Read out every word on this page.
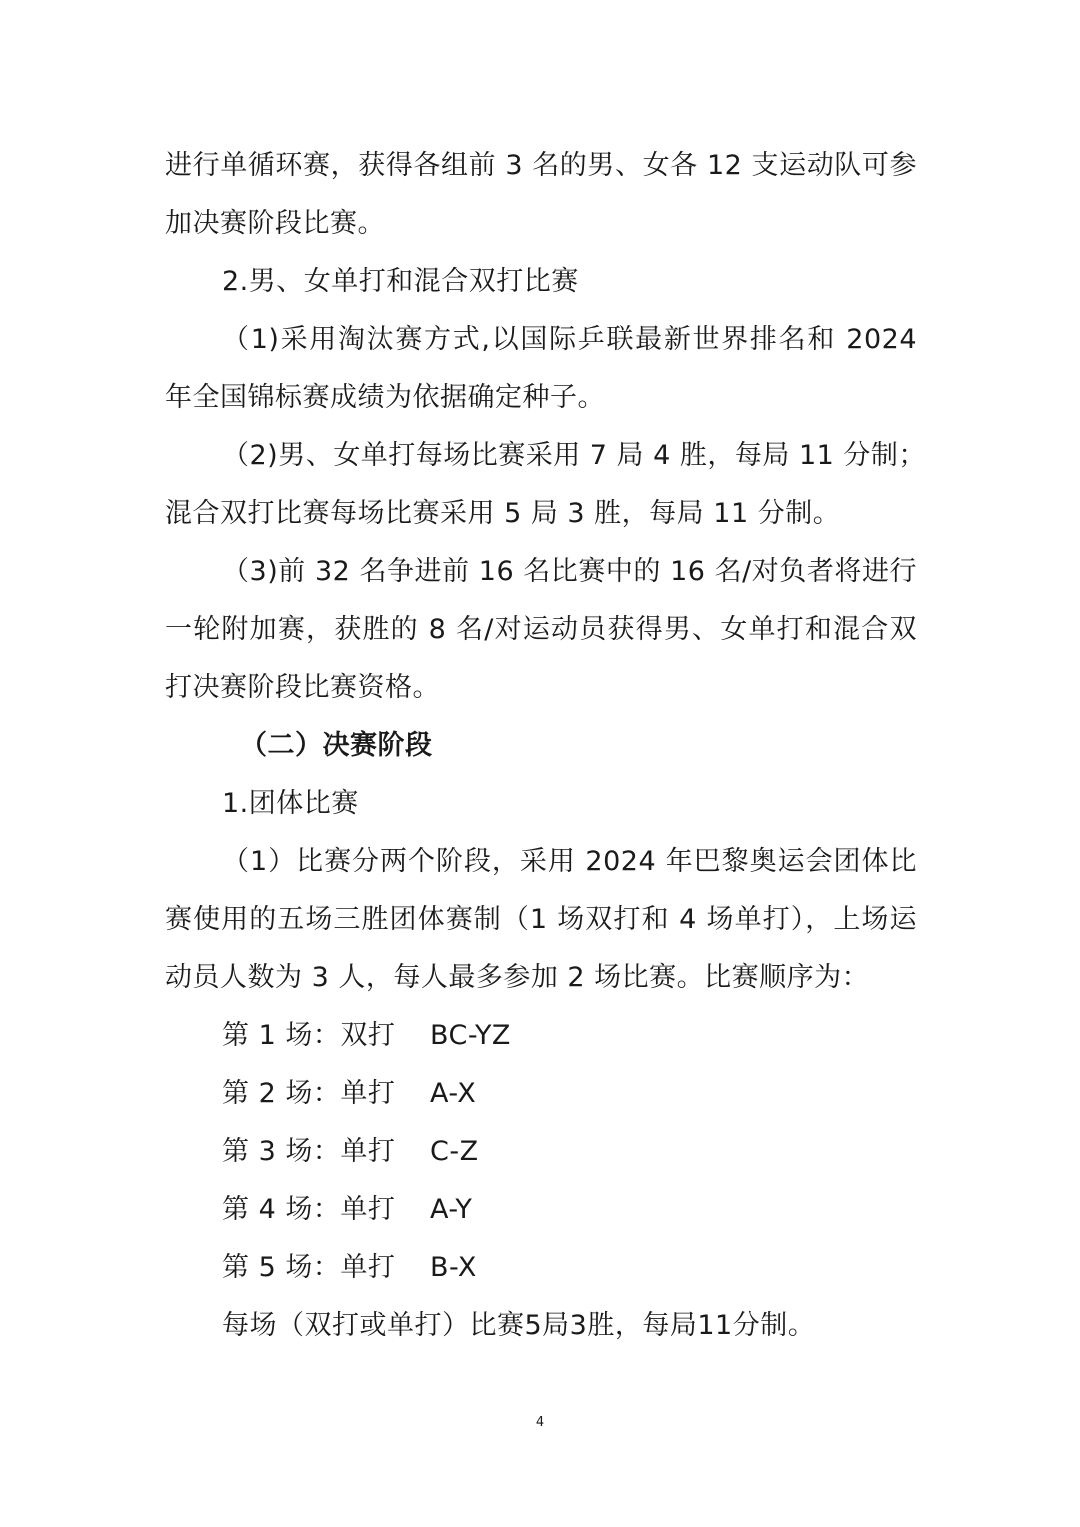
进行单循环赛，获得各组前 3 名的男、女各 12 支运动队可参
加决赛阶段比赛。
2.男、女单打和混合双打比赛
（1)采用淘汰赛方式,以国际乒联最新世界排名和 2024
年全国锦标赛成绩为依据确定种子。
（2)男、女单打每场比赛采用 7 局 4 胜，每局 11 分制；
混合双打比赛每场比赛采用 5 局 3 胜，每局 11 分制。
（3)前 32 名争进前 16 名比赛中的 16 名/对负者将进行
一轮附加赛，获胜的 8 名/对运动员获得男、女单打和混合双
打决赛阶段比赛资格。
（二）决赛阶段
1.团体比赛
（1）比赛分两个阶段，采用 2024 年巴黎奥运会团体比
赛使用的五场三胜团体赛制（1 场双打和 4 场单打），上场运
动员人数为 3 人，每人最多参加 2 场比赛。比赛顺序为：
第 1 场：双打 BC-YZ
第 2 场：单打 A-X
第 3 场：单打 C-Z
第 4 场：单打 A-Y
第 5 场：单打 B-X
每场（双打或单打）比赛5局3胜，每局11分制。
4
